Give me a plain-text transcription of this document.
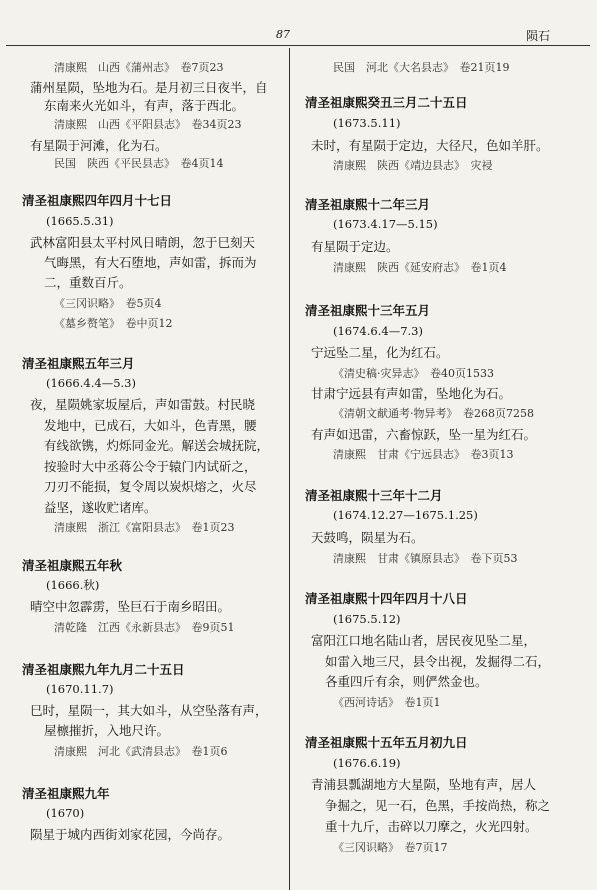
87	陨石
清康熙　山西《蒲州志》　卷7页23
蒲州星陨，坠地为石。是月初三日夜半，自
东南来火光如斗，有声，落于西北。
清康熙　山西《平阳县志》　卷34页23
有星陨于河滩，化为石。
民国　陕西《平民县志》　卷4页14
清圣祖康熙四年四月十七日
(1665.5.31)
武林富阳县太平村风日晴朗，忽于巳刻天
气晦黑，有大石堕地，声如雷，拆而为
二，重数百斤。
《三冈识略》　卷5页4
《墓乡赘笔》　卷中页12
清圣祖康熙五年三月
(1666.4.4—5.3)
夜，星陨姚家坂屋后，声如雷鼓。村民晓
发地中，已成石，大如斗，色青黑，腰
有线欲镌，灼烁同金光。解送会城抚院，
按验时大中丞蒋公令于辕门内试斫之，
刀刃不能损，复令周以炭炽熔之，火尽
益坚，遂收贮诸库。
清康熙　浙江《富阳县志》　卷1页23
清圣祖康熙五年秋
(1666.秋)
晴空中忽霹雳，坠巨石于南乡昭田。
清乾隆　江西《永新县志》　卷9页51
清圣祖康熙九年九月二十五日
(1670.11.7)
巳时，星陨一，其大如斗，从空坠落有声，
屋檩摧折，入地尺许。
清康熙　河北《武清县志》　卷1页6
清圣祖康熙九年
(1670)
陨星于城内西街刘家花园，今尚存。
民国　河北《大名县志》　卷21页19
清圣祖康熙癸丑三月二十五日
(1673.5.11)
未时，有星陨于定边，大径尺，色如羊肝。
清康熙　陕西《靖边县志》　灾祲
清圣祖康熙十二年三月
(1673.4.17—5.15)
有星陨于定边。
清康熙　陕西《延安府志》　卷1页4
清圣祖康熙十三年五月
(1674.6.4—7.3)
宁远坠二星，化为红石。
《清史稿·灾异志》　卷40页1533
甘肃宁远县有声如雷，坠地化为石。
《清朝文献通考·物异考》　卷268页7258
有声如迅雷，六畜惊跃，坠一星为红石。
清康熙　甘肃《宁远县志》　卷3页13
清圣祖康熙十三年十二月
(1674.12.27—1675.1.25)
天鼓鸣，陨星为石。
清康熙　甘肃《镇原县志》　卷下页53
清圣祖康熙十四年四月十八日
(1675.5.12)
富阳江口地名陆山者，居民夜见坠二星，
如雷入地三尺，县令出视，发掘得二石，
各重四斤有余，则俨然金也。
《西河诗话》　卷1页1
清圣祖康熙十五年五月初九日
(1676.6.19)
青浦县瓢湖地方大星陨，坠地有声，居人
争掘之，见一石，色黑，手按尚热，称之
重十九斤，击碎以刀摩之，火光四射。
《三冈识略》　卷7页17
